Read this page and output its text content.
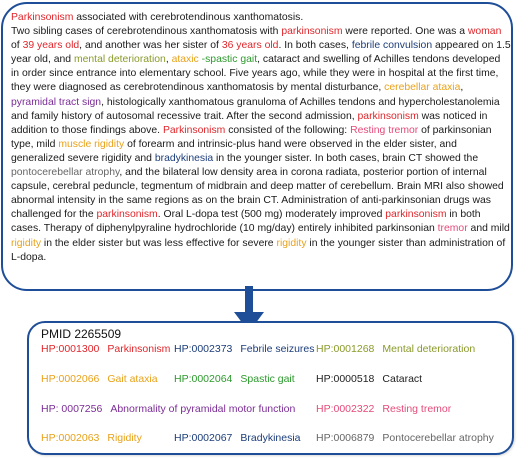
Parkinsonism associated with cerebrotendinous xanthomatosis.
Two sibling cases of cerebrotendinous xanthomatosis with parkinsonism were reported. One was a woman of 39 years old, and another was her sister of 36 years old. In both cases, febrile convulsion appeared on 1.5 year old, and mental deterioration, ataxic -spastic gait, cataract and swelling of Achilles tendons developed in order since entrance into elementary school. Five years ago, while they were in hospital at the first time, they were diagnosed as cerebrotendinous xanthomatosis by mental disturbance, cerebellar ataxia, pyramidal tract sign, histologically xanthomatous granuloma of Achilles tendons and hypercholestanolemia and family history of autosomal recessive trait. After the second admission, parkinsonism was noticed in addition to those findings above. Parkinsonism consisted of the following: Resting tremor of parkinsonian type, mild muscle rigidity of forearm and intrinsic-plus hand were observed in the elder sister, and generalized severe rigidity and bradykinesia in the younger sister. In both cases, brain CT showed the pontocerebellar atrophy, and the bilateral low density area in corona radiata, posterior portion of internal capsule, cerebral peduncle, tegmentum of midbrain and deep matter of cerebellum. Brain MRI also showed abnormal intensity in the same regions as on the brain CT. Administration of anti-parkinsonian drugs was challenged for the parkinsonism. Oral L-dopa test (500 mg) moderately improved parkinsonism in both cases. Therapy of diphenylpyraline hydrochloride (10 mg/day) entirely inhibited parkinsonian tremor and mild rigidity in the elder sister but was less effective for severe rigidity in the younger sister than administration of L-dopa.

PMID 2265509
HP:0001300 Parkinsonism HP:0002373 Febrile seizures HP:0001268 Mental deterioration
HP:0002066 Gait ataxia HP:0002064 Spastic gait HP:0000518 Cataract
HP: 0007256 Abnormality of pyramidal motor function HP:0002322 Resting tremor
HP:0002063 Rigidity	HP:0002067 Bradykinesia HP:0006879 Pontocerebellar atrophy
